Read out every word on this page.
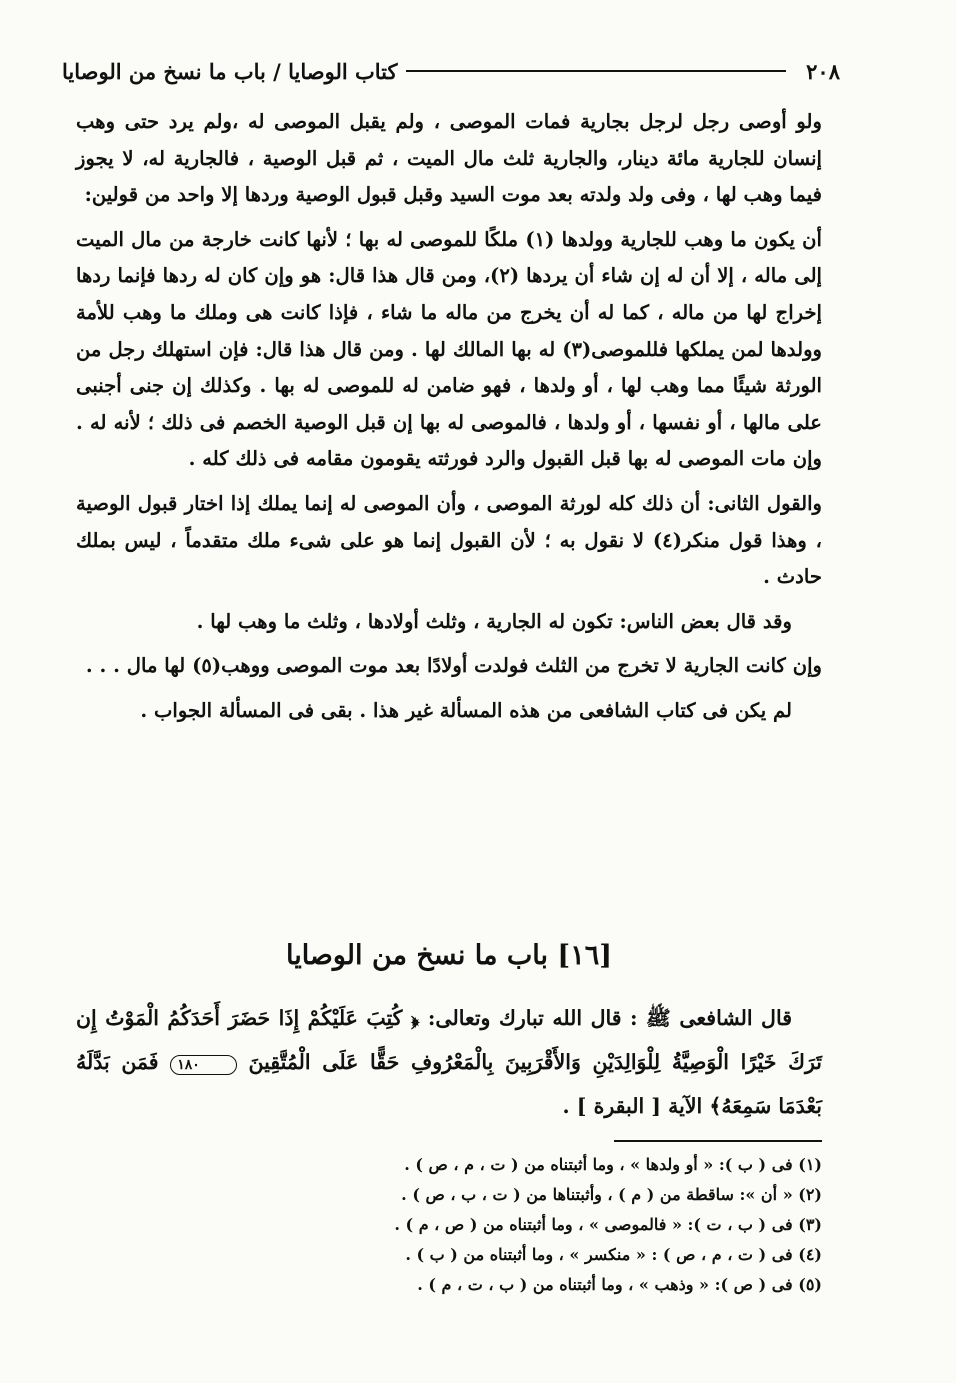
٢٠٨
كتاب الوصايا / باب ما نسخ من الوصايا

ولو أوصى رجل لرجل بجارية فمات الموصى ، ولم يقبل الموصى له ،ولم يرد حتى وهب إنسان للجارية مائة دينار، والجارية ثلث مال الميت ، ثم قبل الوصية ، فالجارية له، لا يجوز فيما وهب لها ، وفى ولد ولدته بعد موت السيد وقبل قبول الوصية وردها إلا واحد من قولين:

أن يكون ما وهب للجارية وولدها (١) ملكًا للموصى له بها ؛ لأنها كانت خارجة من مال الميت إلى ماله ، إلا أن له إن شاء أن يردها (٢)، ومن قال هذا قال: هو وإن كان له ردها فإنما ردها إخراج لها من ماله ، كما له أن يخرج من ماله ما شاء ، فإذا كانت هى وملك ما وهب للأمة وولدها لمن يملكها فللموصى(٣) له بها المالك لها . ومن قال هذا قال: فإن استهلك رجل من الورثة شيئًا مما وهب لها ، أو ولدها ، فهو ضامن له للموصى له بها . وكذلك إن جنى أجنبى على مالها ، أو نفسها ، أو ولدها ، فالموصى له بها إن قبل الوصية الخصم فى ذلك ؛ لأنه له . وإن مات الموصى له بها قبل القبول والرد فورثته يقومون مقامه فى ذلك كله .

والقول الثانى: أن ذلك كله لورثة الموصى ، وأن الموصى له إنما يملك إذا اختار قبول الوصية ، وهذا قول منكر(٤) لا نقول به ؛ لأن القبول إنما هو على شىء ملك متقدماً ، ليس بملك حادث .

وقد قال بعض الناس: تكون له الجارية ، وثلث أولادها ، وثلث ما وهب لها .

وإن كانت الجارية لا تخرج من الثلث فولدت أولادًا بعد موت الموصى ووهب(٥) لها مال . . .

لم يكن فى كتاب الشافعى من هذه المسألة غير هذا . بقى فى المسألة الجواب .

[١٦] باب ما نسخ من الوصايا

قال الشافعى ﷺ : قال الله تبارك وتعالى: ﴿ كُتِبَ عَلَيْكُمْ إِذَا حَضَرَ أَحَدَكُمُ الْمَوْتُ إِن تَرَكَ خَيْرًا الْوَصِيَّةُ لِلْوَالِدَيْنِ وَالأَقْرَبِينَ بِالْمَعْرُوفِ حَقًّا عَلَى الْمُتَّقِينَ ١٨٠ فَمَن بَدَّلَهُ بَعْدَمَا سَمِعَهُ﴾ الآية [ البقرة ] .

(١) فى ( ب ): « أو ولدها » ، وما أثبتناه من ( ت ، م ، ص ) .
(٢) « أن »: ساقطة من ( م ) ، وأثبتناها من ( ت ، ب ، ص ) .
(٣) فى ( ب ، ت ): « فالموصى » ، وما أثبتناه من ( ص ، م ) .
(٤) فى ( ت ، م ، ص ) : « منكسر » ، وما أثبتناه من ( ب ) .
(٥) فى ( ص ): « وذهب » ، وما أثبتناه من ( ب ، ت ، م ) .
